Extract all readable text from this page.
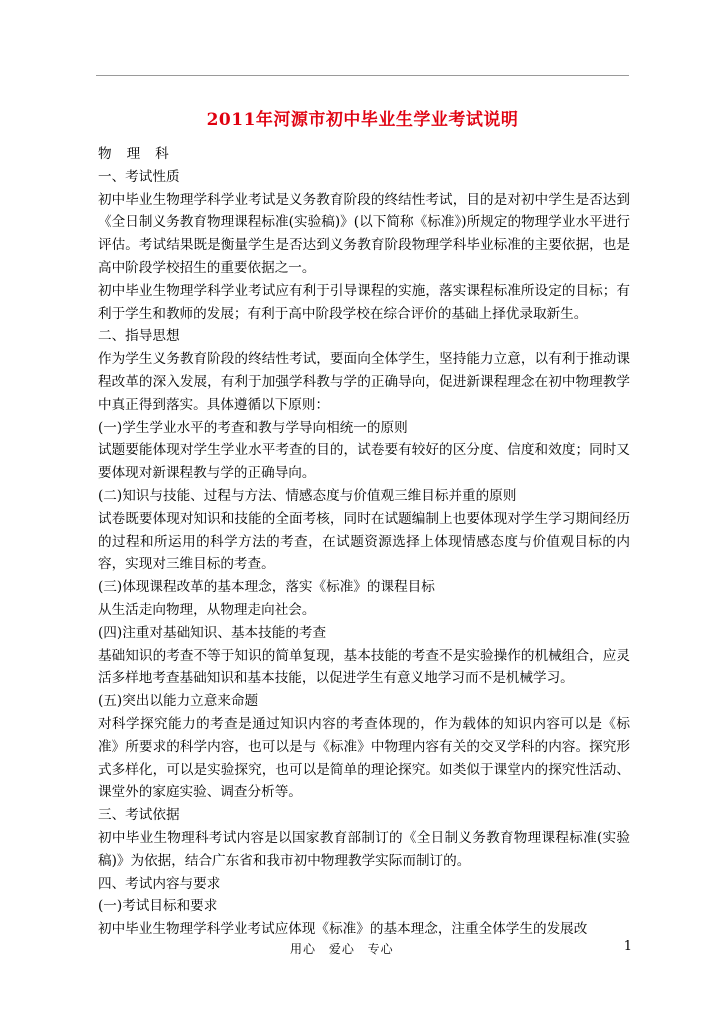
2011年河源市初中毕业生学业考试说明

物理科

一、考试性质

初中毕业生物理学科学业考试是义务教育阶段的终结性考试，目的是对初中学生是否达到《全日制义务教育物理课程标准(实验稿)》(以下简称《标准》)所规定的物理学业水平进行评估。考试结果既是衡量学生是否达到义务教育阶段物理学科毕业标准的主要依据，也是高中阶段学校招生的重要依据之一。

初中毕业生物理学科学业考试应有利于引导课程的实施，落实课程标准所设定的目标；有利于学生和教师的发展；有利于高中阶段学校在综合评价的基础上择优录取新生。

二、指导思想

作为学生义务教育阶段的终结性考试，要面向全体学生，坚持能力立意，以有利于推动课程改革的深入发展，有利于加强学科教与学的正确导向，促进新课程理念在初中物理教学中真正得到落实。具体遵循以下原则：

(一)学生学业水平的考查和教与学导向相统一的原则

试题要能体现对学生学业水平考查的目的，试卷要有较好的区分度、信度和效度；同时又要体现对新课程教与学的正确导向。

(二)知识与技能、过程与方法、情感态度与价值观三维目标并重的原则

试卷既要体现对知识和技能的全面考核，同时在试题编制上也要体现对学生学习期间经历的过程和所运用的科学方法的考查，在试题资源选择上体现情感态度与价值观目标的内容，实现对三维目标的考查。

(三)体现课程改革的基本理念，落实《标准》的课程目标

从生活走向物理，从物理走向社会。

(四)注重对基础知识、基本技能的考查

基础知识的考查不等于知识的简单复现，基本技能的考查不是实验操作的机械组合，应灵活多样地考查基础知识和基本技能，以促进学生有意义地学习而不是机械学习。

(五)突出以能力立意来命题

对科学探究能力的考查是通过知识内容的考查体现的，作为载体的知识内容可以是《标准》所要求的科学内容，也可以是与《标准》中物理内容有关的交叉学科的内容。探究形式多样化，可以是实验探究，也可以是简单的理论探究。如类似于课堂内的探究性活动、课堂外的家庭实验、调查分析等。

三、考试依据

初中毕业生物理科考试内容是以国家教育部制订的《全日制义务教育物理课程标准(实验稿)》为依据，结合广东省和我市初中物理教学实际而制订的。

四、考试内容与要求

(一)考试目标和要求

初中毕业生物理学科学业考试应体现《标准》的基本理念，注重全体学生的发展改

用心 爱心 专心	1
